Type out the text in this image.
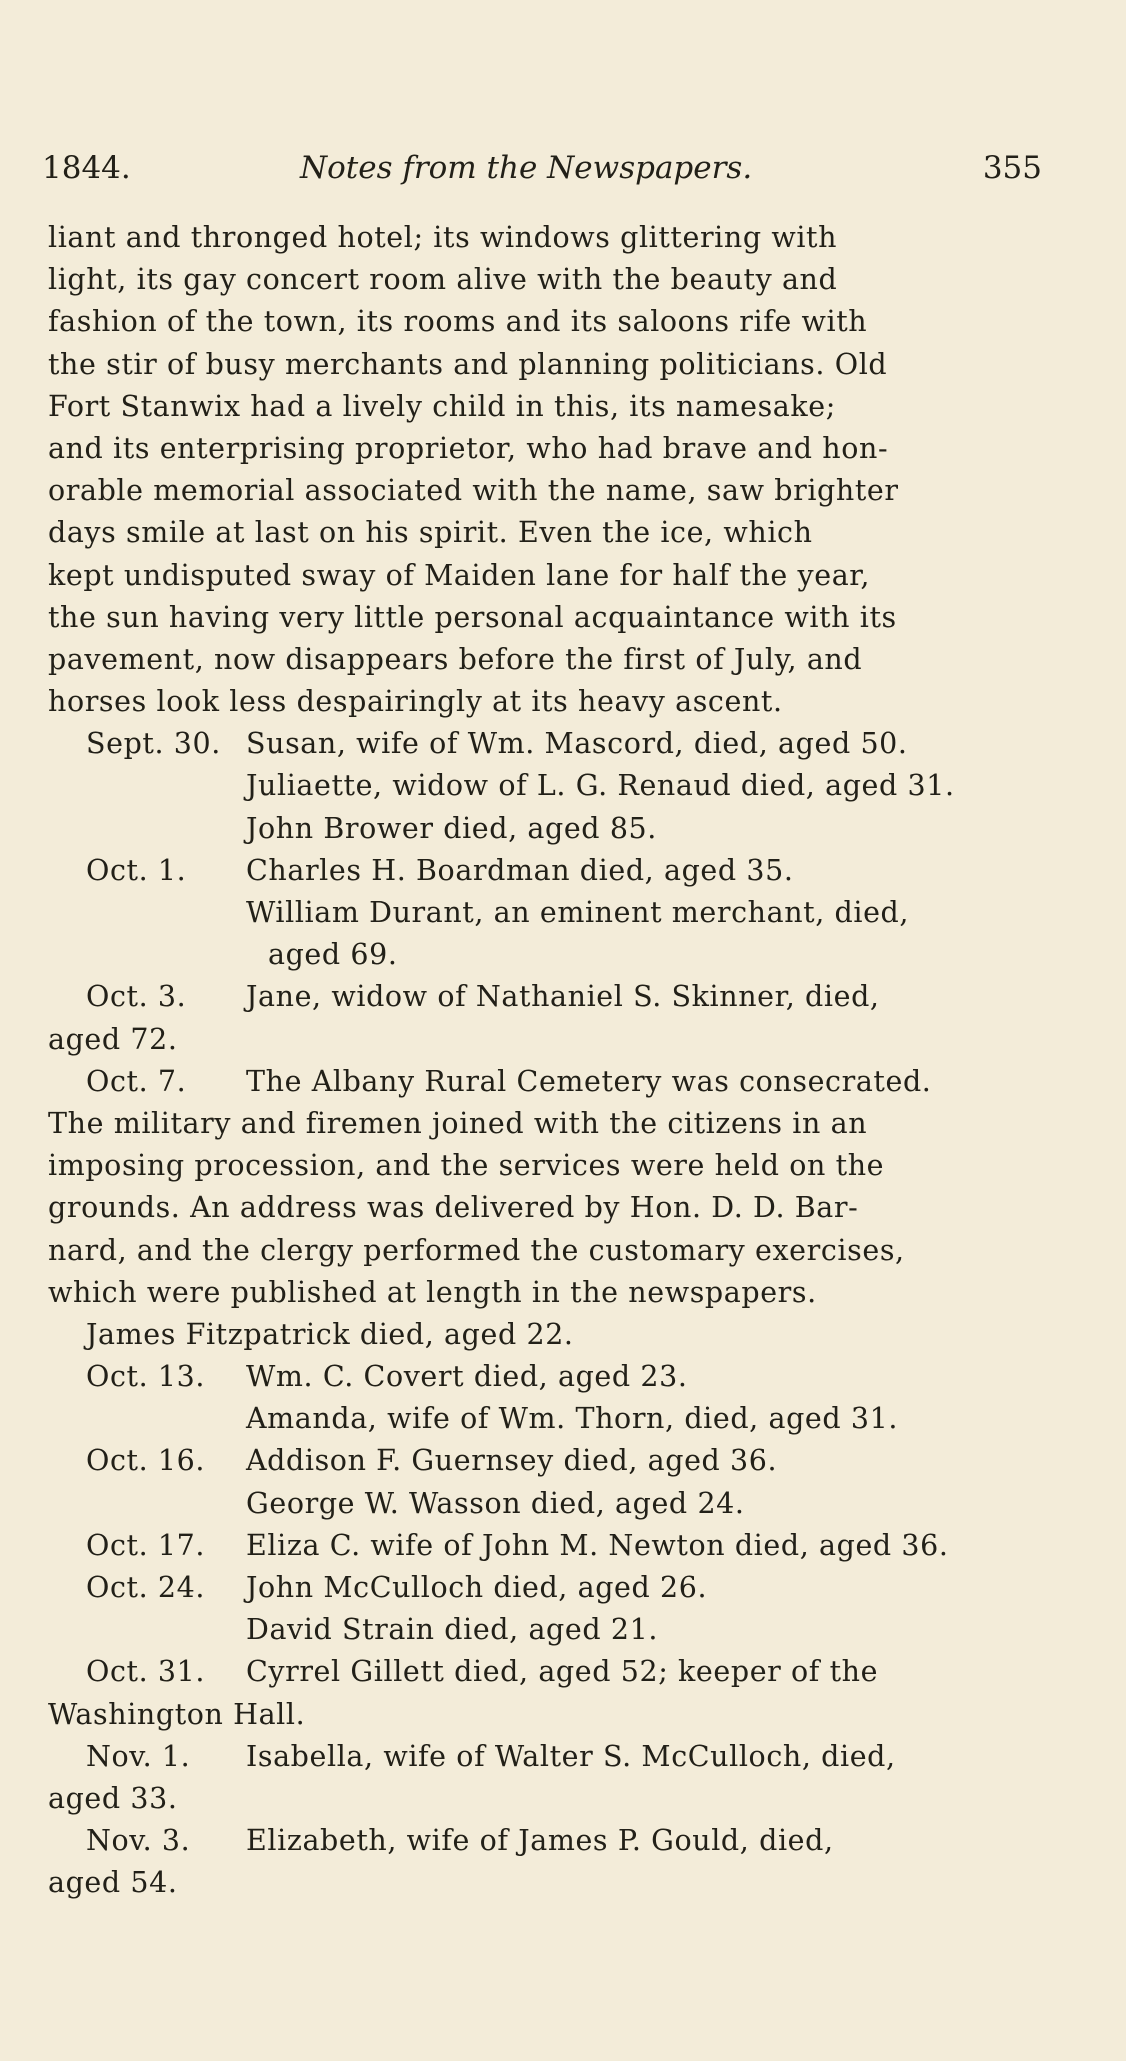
1844.	Notes from the Newspapers.	355
liant and thronged hotel; its windows glittering with
light, its gay concert room alive with the beauty and
fashion of the town, its rooms and its saloons rife with
the stir of busy merchants and planning politicians. Old
Fort Stanwix had a lively child in this, its namesake;
and its enterprising proprietor, who had brave and hon-
orable memorial associated with the name, saw brighter
days smile at last on his spirit. Even the ice, which
kept undisputed sway of Maiden lane for half the year,
the sun having very little personal acquaintance with its
pavement, now disappears before the first of July, and
horses look less despairingly at its heavy ascent.
Sept. 30. Susan, wife of Wm. Mascord, died, aged 50.
Juliaette, widow of L. G. Renaud died, aged 31.
John Brower died, aged 85.
Oct. 1. Charles H. Boardman died, aged 35.
William Durant, an eminent merchant, died,
aged 69.
Oct. 3. Jane, widow of Nathaniel S. Skinner, died,
aged 72.
Oct. 7. The Albany Rural Cemetery was consecrated.
The military and firemen joined with the citizens in an
imposing procession, and the services were held on the
grounds. An address was delivered by Hon. D. D. Bar-
nard, and the clergy performed the customary exercises,
which were published at length in the newspapers.
James Fitzpatrick died, aged 22.
Oct. 13. Wm. C. Covert died, aged 23.
Amanda, wife of Wm. Thorn, died, aged 31.
Oct. 16. Addison F. Guernsey died, aged 36.
George W. Wasson died, aged 24.
Oct. 17. Eliza C. wife of John M. Newton died, aged 36.
Oct. 24. John McCulloch died, aged 26.
David Strain died, aged 21.
Oct. 31. Cyrrel Gillett died, aged 52; keeper of the
Washington Hall.
Nov. 1. Isabella, wife of Walter S. McCulloch, died,
aged 33.
Nov. 3. Elizabeth, wife of James P. Gould, died,
aged 54.
